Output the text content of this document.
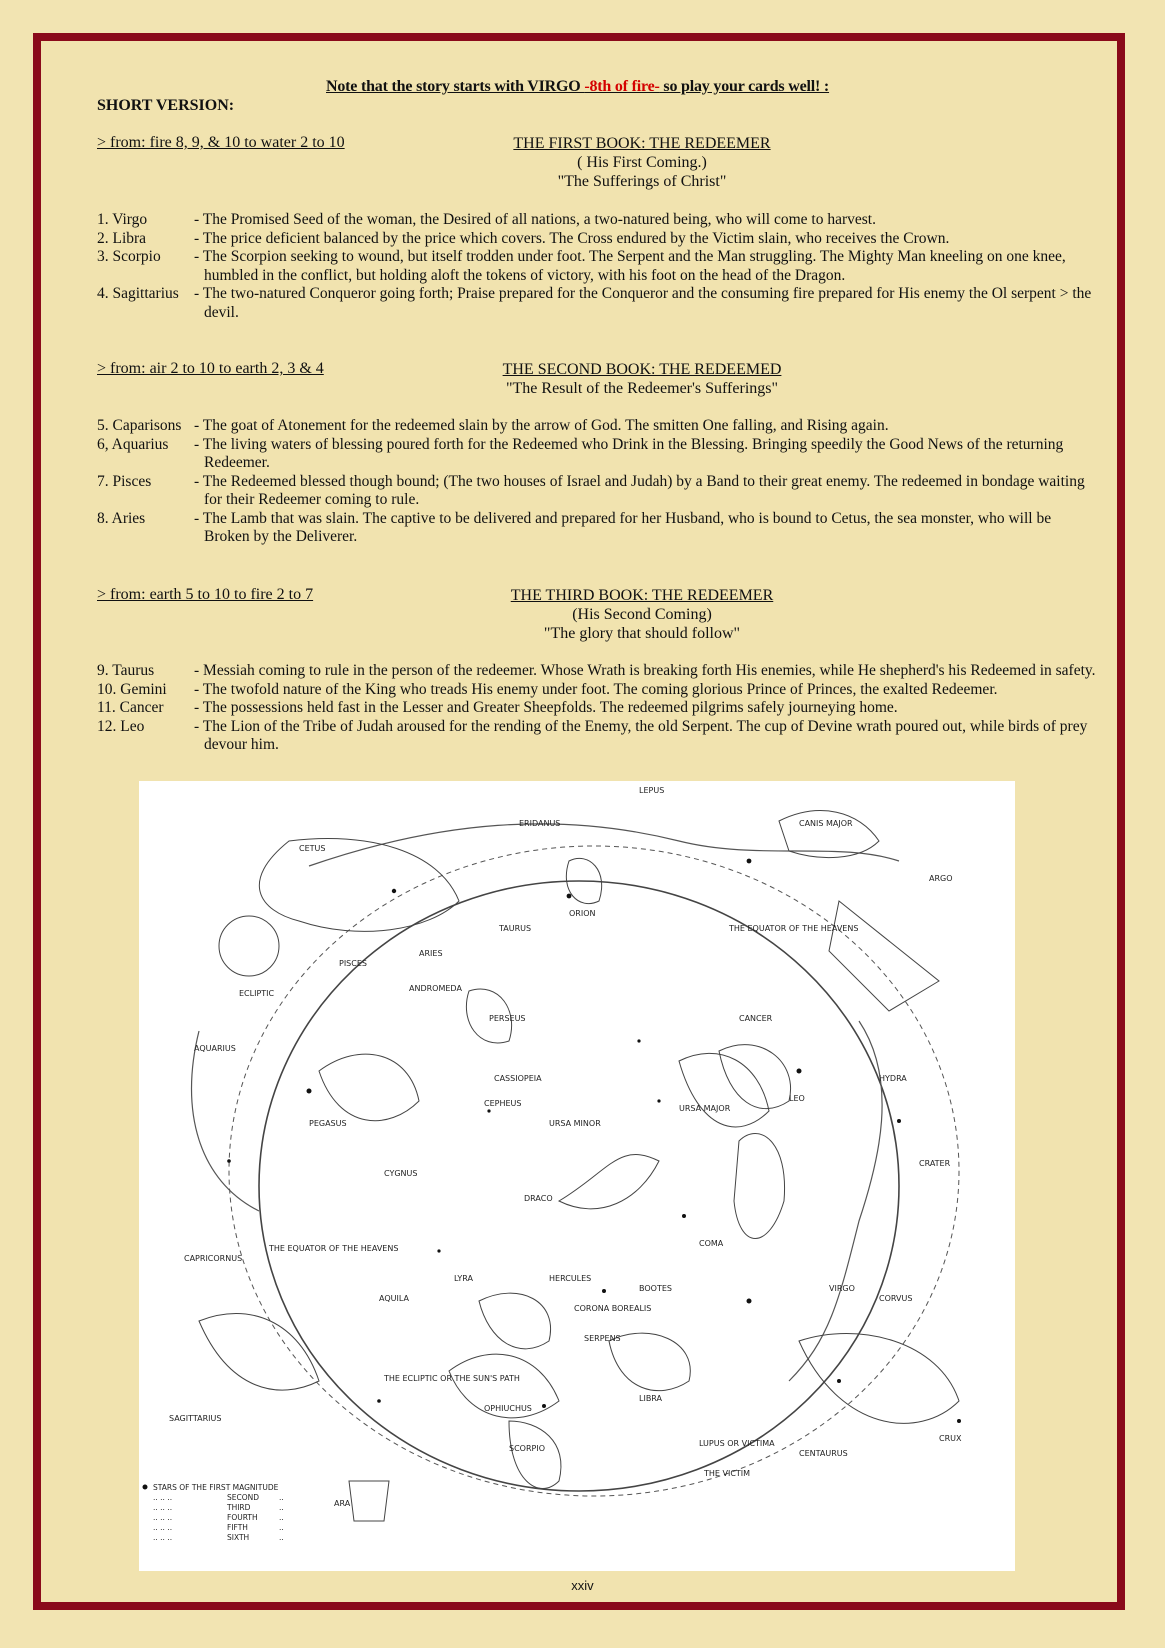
Note that the story starts with VIRGO -8th of fire- so play your cards well! :
SHORT VERSION:
> from: fire 8, 9, & 10 to water 2 to 10	THE FIRST BOOK: THE REDEEMER
( His First Coming.)
"The Sufferings of Christ"
1. Virgo	- The Promised Seed of the woman, the Desired of all nations, a two-natured being, who will come to harvest.
2. Libra	- The price deficient balanced by the price which covers. The Cross endured by the Victim slain, who receives the Crown.
3. Scorpio	- The Scorpion seeking to wound, but itself trodden under foot. The Serpent and the Man struggling. The Mighty Man kneeling on one knee, humbled in the conflict, but holding aloft the tokens of victory, with his foot on the head of the Dragon.
4. Sagittarius - The two-natured Conqueror going forth; Praise prepared for the Conqueror and the consuming fire prepared for His enemy the Ol serpent > the devil.
> from: air 2 to 10 to earth 2, 3 & 4	THE SECOND BOOK: THE REDEEMED
"The Result of the Redeemer's Sufferings"
5. Caparisons - The goat of Atonement for the redeemed slain by the arrow of God. The smitten One falling, and Rising again.
6, Aquarius	- The living waters of blessing poured forth for the Redeemed who Drink in the Blessing. Bringing speedily the Good News of the returning Redeemer.
7. Pisces	- The Redeemed blessed though bound; (The two houses of Israel and Judah) by a Band to their great enemy. The redeemed in bondage waiting for their Redeemer coming to rule.
8. Aries	- The Lamb that was slain. The captive to be delivered and prepared for her Husband, who is bound to Cetus, the sea monster, who will be Broken by the Deliverer.
> from: earth 5 to 10 to fire 2 to 7	THE THIRD BOOK: THE REDEEMER
(His Second Coming)
"The glory that should follow"
9. Taurus	- Messiah coming to rule in the person of the redeemer. Whose Wrath is breaking forth His enemies, while He shepherd's his Redeemed in safety.
10. Gemini	- The twofold nature of the King who treads His enemy under foot. The coming glorious Prince of Princes, the exalted Redeemer.
11. Cancer	- The possessions held fast in the Lesser and Greater Sheepfolds. The redeemed pilgrims safely journeying home.
12. Leo	- The Lion of the Tribe of Judah aroused for the rending of the Enemy, the old Serpent. The cup of Devine wrath poured out, while birds of prey devour him.
LEPUS
ERIDANUS
CETUS
CANIS MAJOR
ARGO
ORION
TAURUS
ARIES
PISCES
ANDROMEDA
PERSEUS
CASSIOPEIA
CANCER
AQUARIUS
PEGASUS
CEPHEUS
URSA MINOR
URSA MAJOR
LEO
HYDRA
CRATER
CYGNUS
DRACO
LYRA
COMA
VIRGO
CORVUS
CAPRICORNUS
AQUILA
HERCULES
BOOTES
CORONA BOREALIS
SAGITTARIUS
OPHIUCHUS
SERPENS
LIBRA
SCORPIO
LUPUS OR VICTIMA
CENTAURUS
CRUX
ARA
THE VICTIM
ECLIPTIC
THE EQUATOR OF THE HEAVENS
THE EQUATOR OF THE HEAVENS
THE ECLIPTIC OR THE SUN'S PATH
STARS OF THE FIRST MAGNITUDE
.. .. ..	SECOND	..
.. .. ..	THIRD	..
.. .. ..	FOURTH	..
.. .. ..	FIFTH	..
.. .. ..	SIXTH	..
xxiv
